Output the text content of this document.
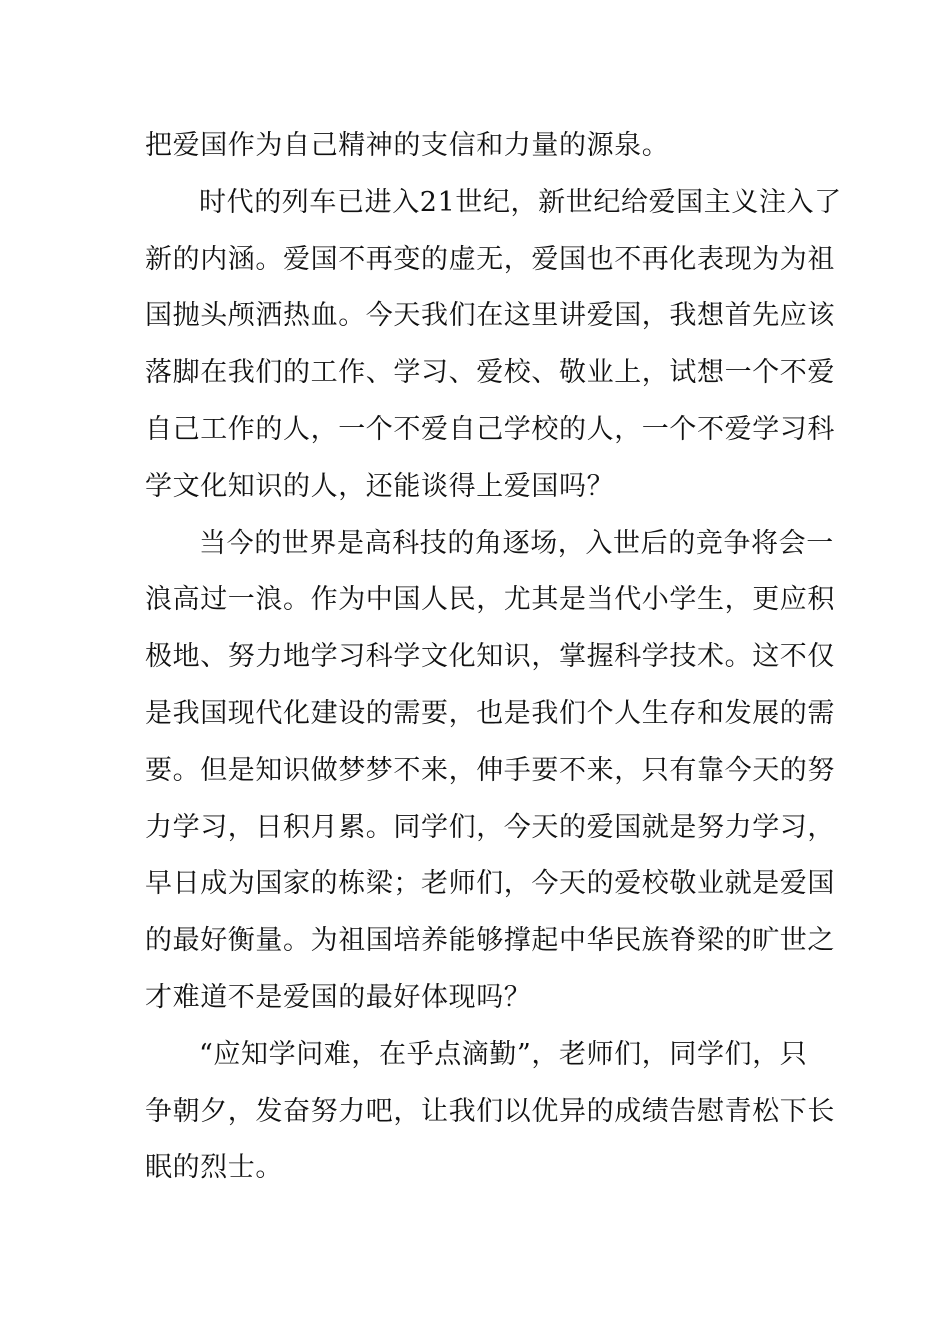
把爱国作为自己精神的支信和力量的源泉。
时代的列车已进入21世纪，新世纪给爱国主义注入了
新的内涵。爱国不再变的虚无，爱国也不再化表现为为祖
国抛头颅洒热血。今天我们在这里讲爱国，我想首先应该
落脚在我们的工作、学习、爱校、敬业上，试想一个不爱
自己工作的人，一个不爱自己学校的人，一个不爱学习科
学文化知识的人，还能谈得上爱国吗？
当今的世界是高科技的角逐场，入世后的竞争将会一
浪高过一浪。作为中国人民，尤其是当代小学生，更应积
极地、努力地学习科学文化知识，掌握科学技术。这不仅
是我国现代化建设的需要，也是我们个人生存和发展的需
要。但是知识做梦梦不来，伸手要不来，只有靠今天的努
力学习，日积月累。同学们，今天的爱国就是努力学习，
早日成为国家的栋梁；老师们，今天的爱校敬业就是爱国
的最好衡量。为祖国培养能够撑起中华民族脊梁的旷世之
才难道不是爱国的最好体现吗？
“应知学问难，在乎点滴勤”，老师们，同学们，只
争朝夕，发奋努力吧，让我们以优异的成绩告慰青松下长
眠的烈士。
